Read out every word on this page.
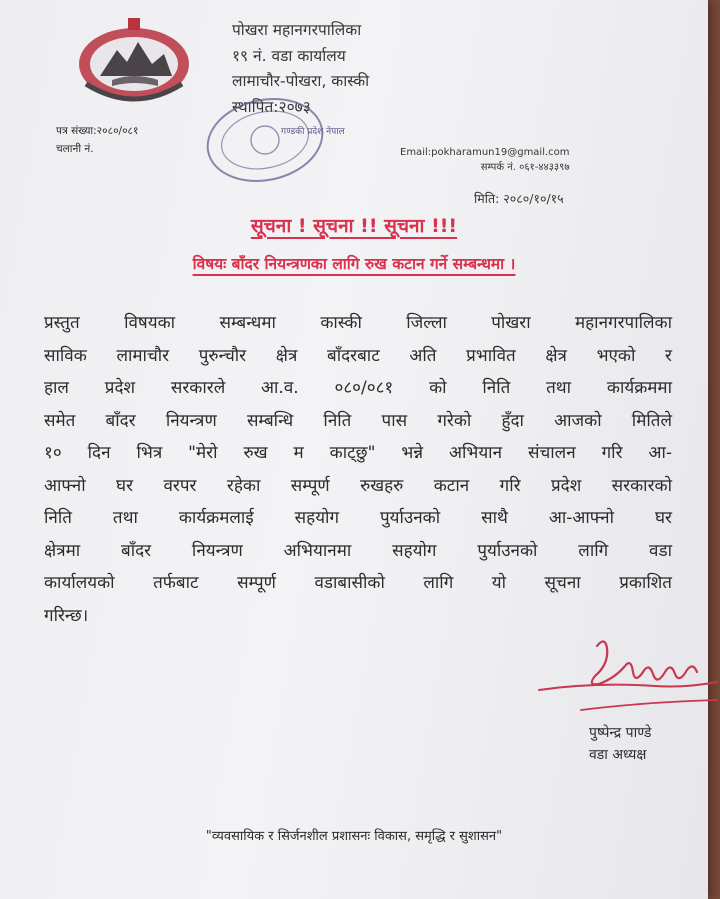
पोखरा महानगरपालिका
१९ नं. वडा कार्यालय
लामाचौर-पोखरा, कास्की
स्थापित:२०७३
पत्र संख्या:२०८०/०८१
चलानी नं.
गण्डकी प्रदेश नेपाल
Email:pokharamun19@gmail.com
सम्पर्क नं. ०६१-४४३३९७
मिति: २०८०/१०/१५
सूचना ! सूचना !! सूचना !!!
विषयः बाँदर नियन्त्रणका लागि रुख कटान गर्ने सम्बन्धमा ।
प्रस्तुत विषयका सम्बन्धमा कास्की जिल्ला पोखरा महानगरपालिका
साविक लामाचौर पुरुन्चौर क्षेत्र बाँदरबाट अति प्रभावित क्षेत्र भएको र
हाल प्रदेश सरकारले आ.व. ०८०/०८१ को निति तथा कार्यक्रममा
समेत बाँदर नियन्त्रण सम्बन्धि निति पास गरेको हुँदा आजको मितिले
१० दिन भित्र "मेरो रुख म काट्छु" भन्ने अभियान संचालन गरि आ-
आफ्नो घर वरपर रहेका सम्पूर्ण रुखहरु कटान गरि प्रदेश सरकारको
निति तथा कार्यक्रमलाई सहयोग पुर्याउनको साथै आ-आफ्नो घर
क्षेत्रमा बाँदर नियन्त्रण अभियानमा सहयोग पुर्याउनको लागि वडा
कार्यालयको तर्फबाट सम्पूर्ण वडाबासीको लागि यो सूचना प्रकाशित
गरिन्छ।
पुष्पेन्द्र पाण्डे
वडा अध्यक्ष
"व्यवसायिक र सिर्जनशील प्रशासनः विकास, समृद्धि र सुशासन"
